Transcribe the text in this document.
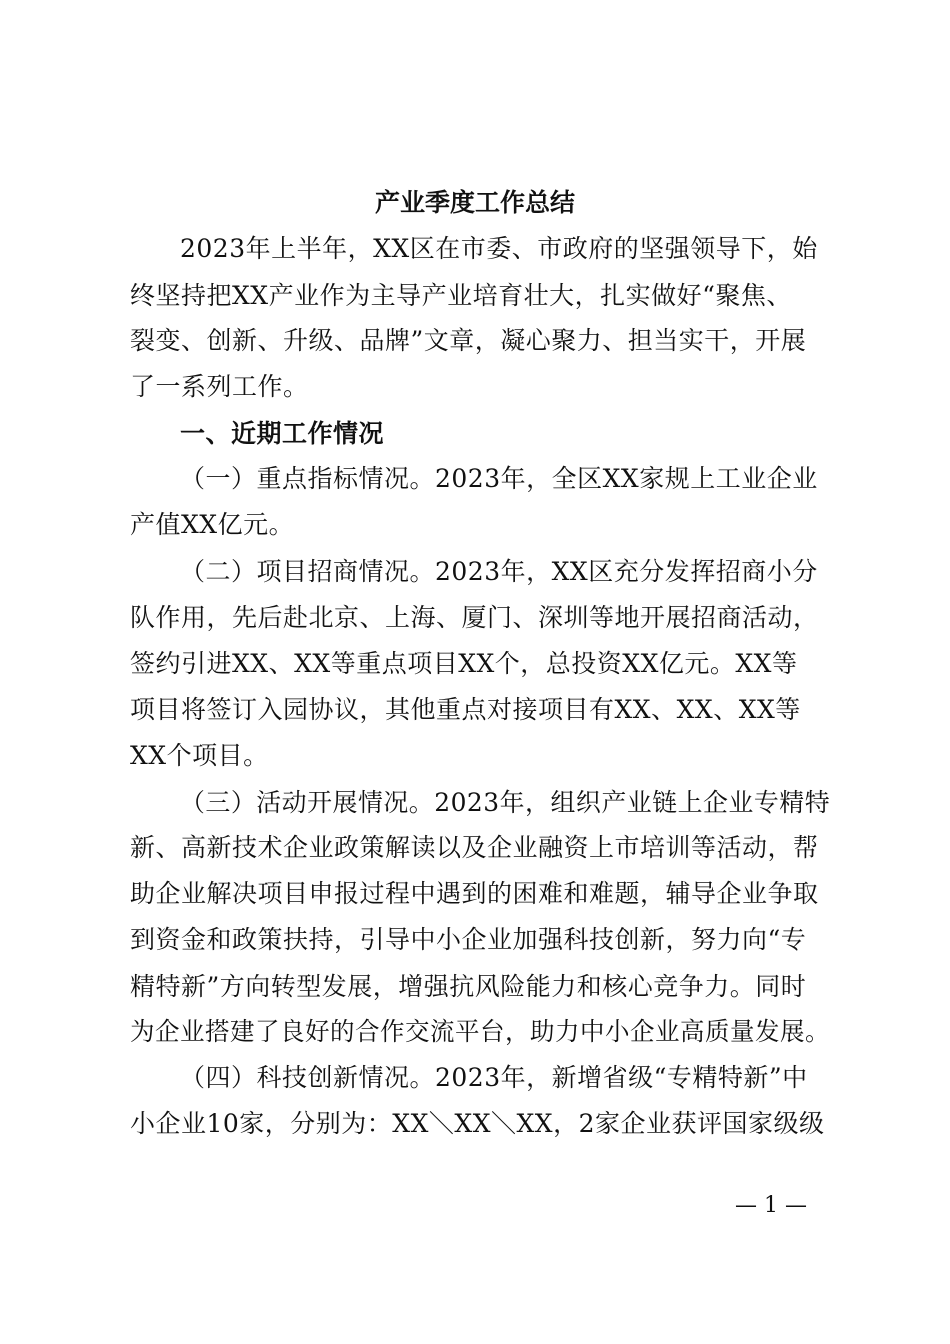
产业季度工作总结
2023年上半年，XX区在市委、市政府的坚强领导下，始
终坚持把XX产业作为主导产业培育壮大，扎实做好“聚焦、
裂变、创新、升级、品牌”文章，凝心聚力、担当实干，开展
了一系列工作。
一、近期工作情况
（一）重点指标情况。2023年，全区XX家规上工业企业
产值XX亿元。
（二）项目招商情况。2023年，XX区充分发挥招商小分
队作用，先后赴北京、上海、厦门、深圳等地开展招商活动，
签约引进XX、XX等重点项目XX个，总投资XX亿元。XX等
项目将签订入园协议，其他重点对接项目有XX、XX、XX等
XX个项目。
（三）活动开展情况。2023年，组织产业链上企业专精特
新、高新技术企业政策解读以及企业融资上市培训等活动，帮
助企业解决项目申报过程中遇到的困难和难题，辅导企业争取
到资金和政策扶持，引导中小企业加强科技创新，努力向“专
精特新”方向转型发展，增强抗风险能力和核心竞争力。同时
为企业搭建了良好的合作交流平台，助力中小企业高质量发展。
（四）科技创新情况。2023年，新增省级“专精特新”中
小企业10家，分别为：XX＼XX＼XX，2家企业获评国家级级
— 1 —
